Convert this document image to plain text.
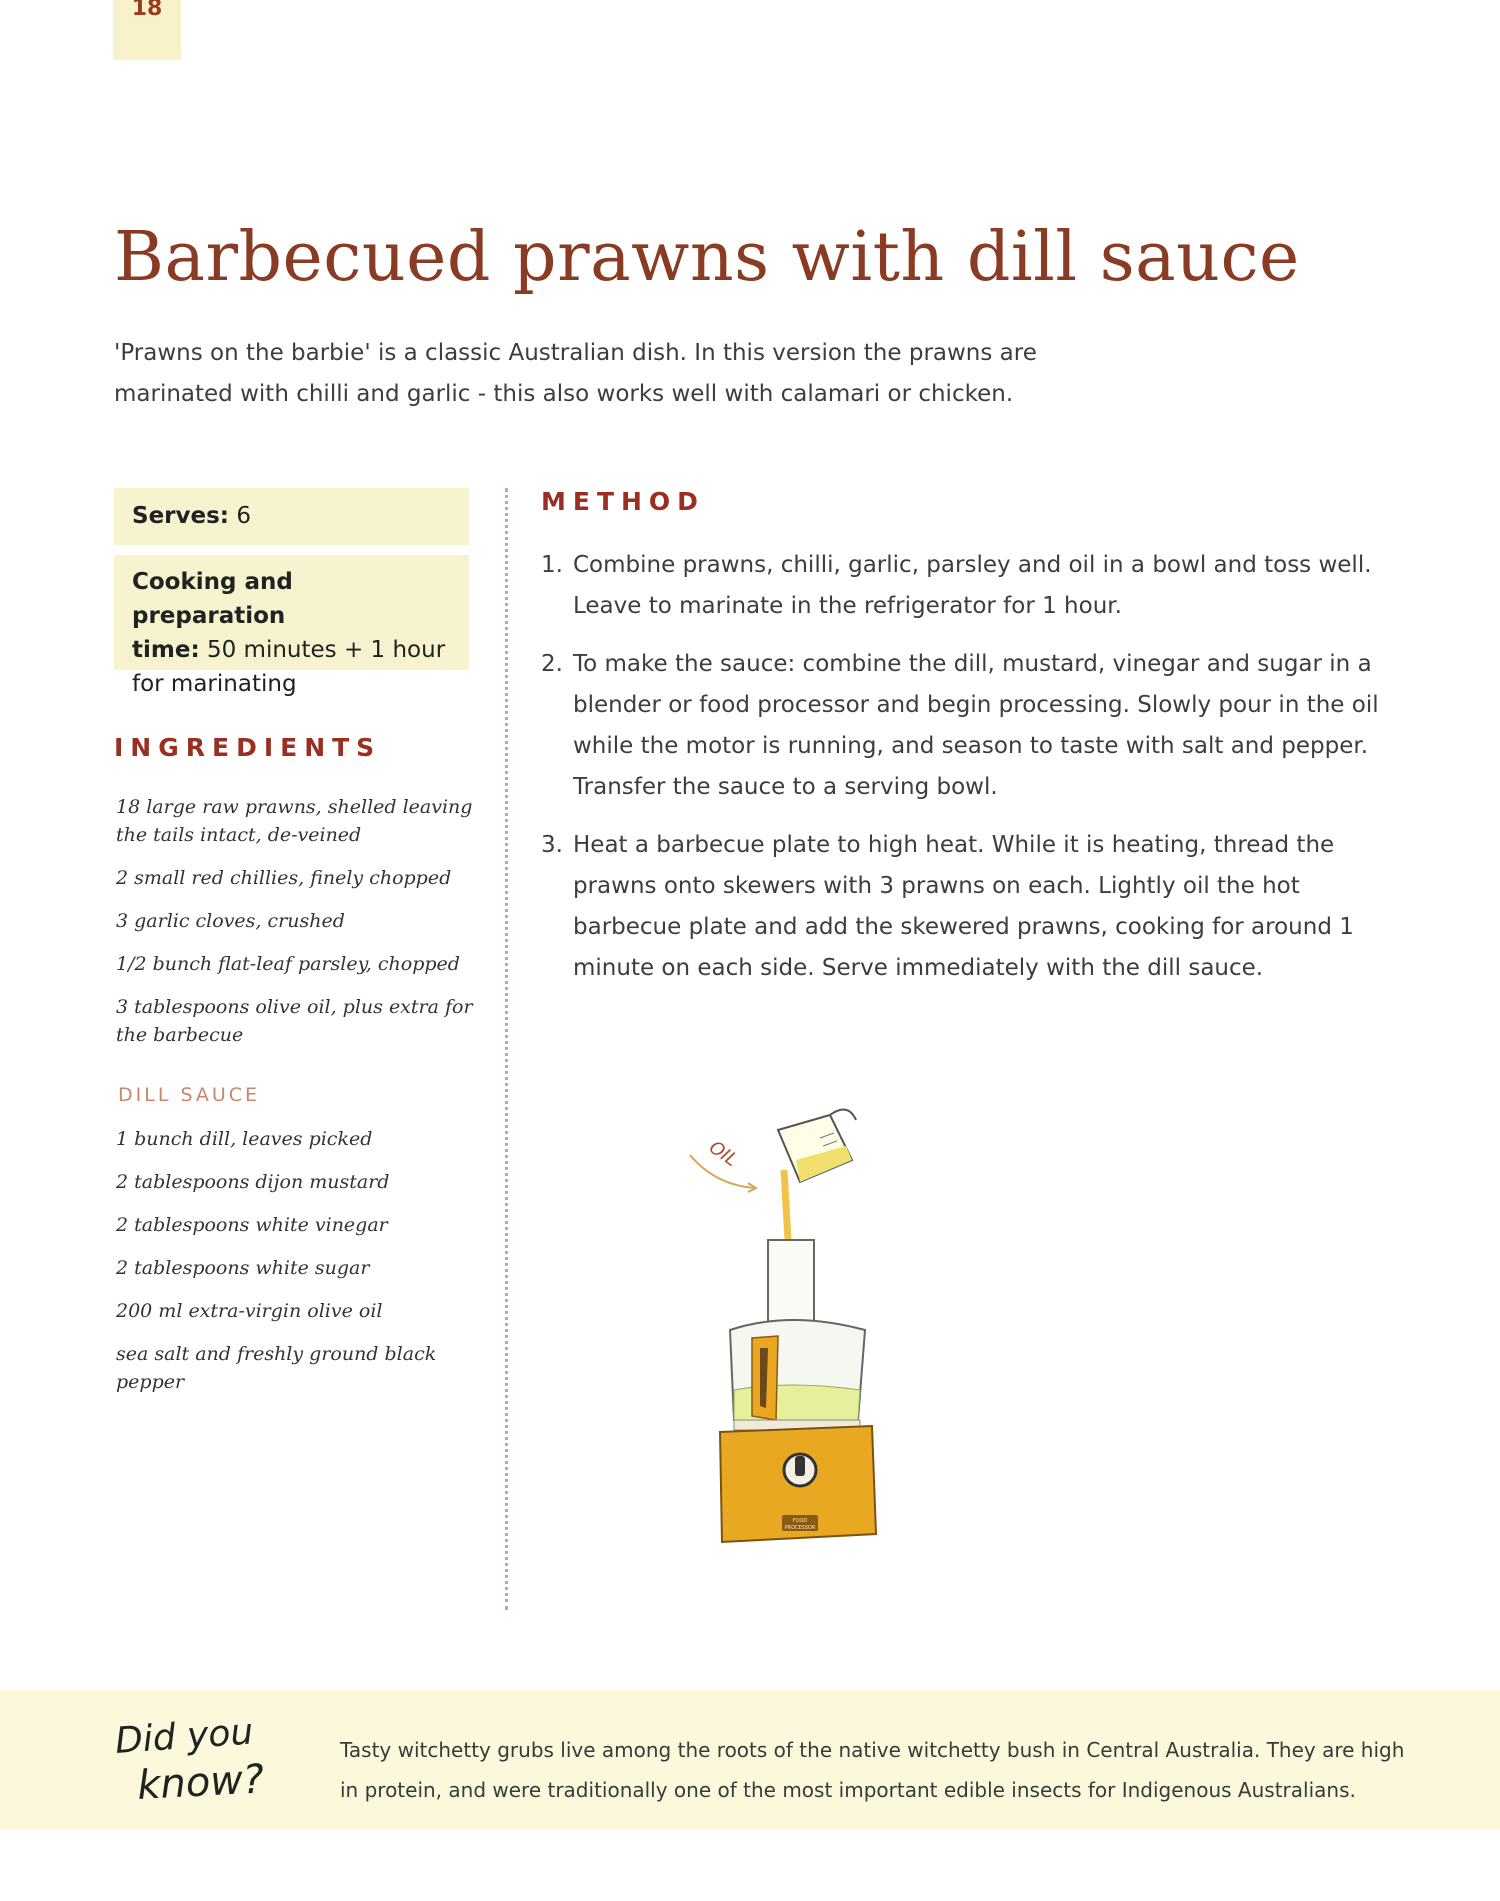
18
Barbecued prawns with dill sauce

'Prawns on the barbie' is a classic Australian dish. In this version the prawns are marinated with chilli and garlic - this also works well with calamari or chicken.

Serves: 6
Cooking and preparation
time: 50 minutes + 1 hour for marinating
INGREDIENTS
18 large raw prawns, shelled leaving the tails intact, de-veined
2 small red chillies, finely chopped
3 garlic cloves, crushed
1/2 bunch flat-leaf parsley, chopped
3 tablespoons olive oil, plus extra for the barbecue
DILL SAUCE
1 bunch dill, leaves picked
2 tablespoons dijon mustard
2 tablespoons white vinegar
2 tablespoons white sugar
200 ml extra-virgin olive oil
sea salt and freshly ground black pepper
METHOD
1. Combine prawns, chilli, garlic, parsley and oil in a bowl and toss well. Leave to marinate in the refrigerator for 1 hour.
2. To make the sauce: combine the dill, mustard, vinegar and sugar in a blender or food processor and begin processing. Slowly pour in the oil while the motor is running, and season to taste with salt and pepper. Transfer the sauce to a serving bowl.
3. Heat a barbecue plate to high heat. While it is heating, thread the prawns onto skewers with 3 prawns on each. Lightly oil the hot barbecue plate and add the skewered prawns, cooking for around 1 minute on each side. Serve immediately with the dill sauce.
OIL
FOOD
PROCESSOR
Did you
know?

Tasty witchetty grubs live among the roots of the native witchetty bush in Central Australia. They are high in protein, and were traditionally one of the most important edible insects for Indigenous Australians.
